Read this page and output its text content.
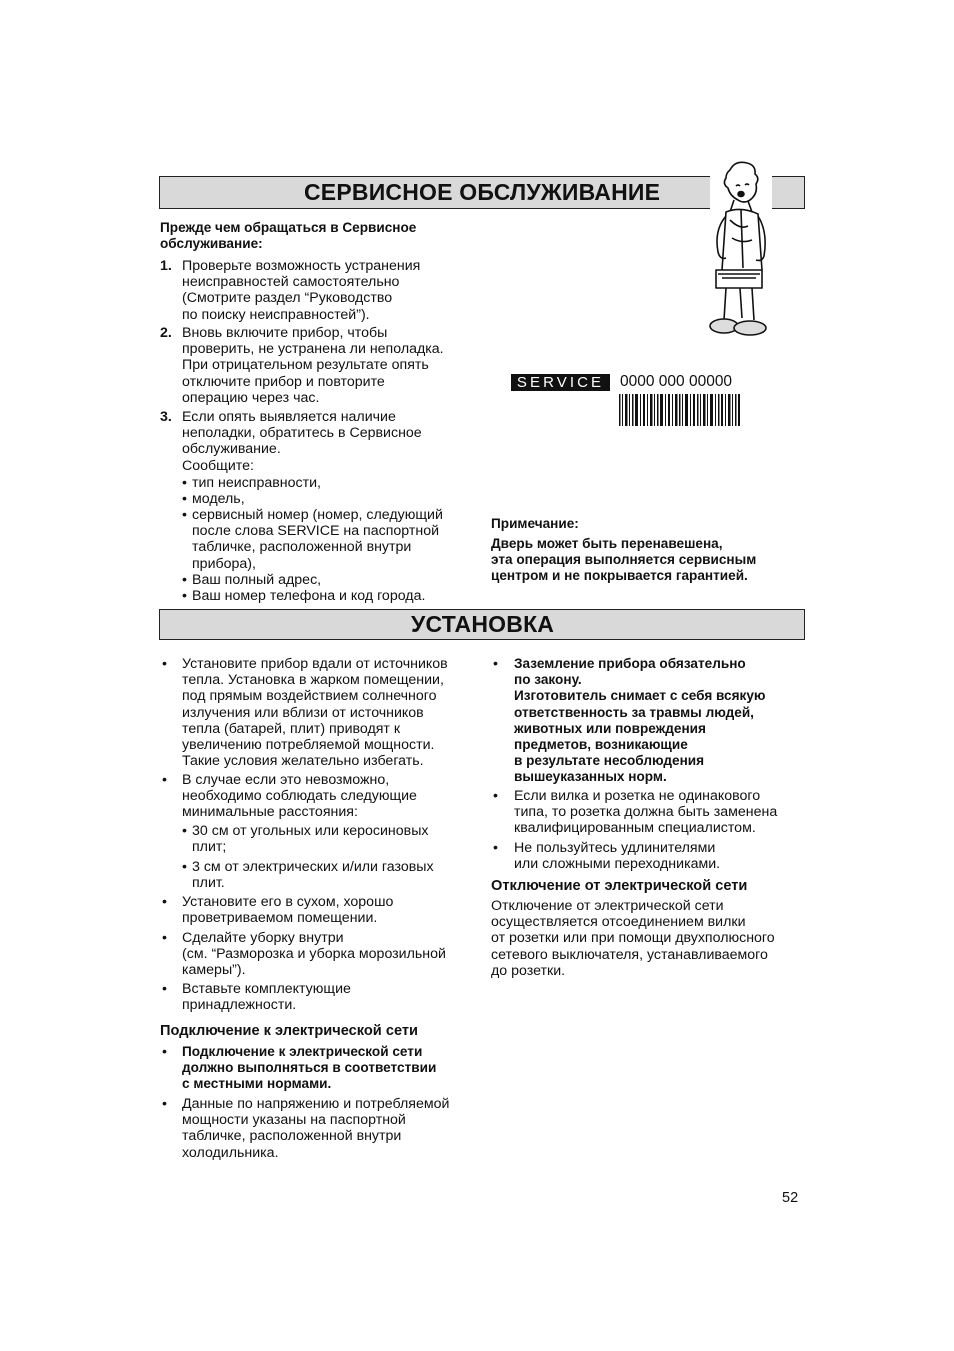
СЕРВИСНОЕ ОБСЛУЖИВАНИЕ
Прежде чем обращаться в Сервисное
обслуживание:
1. Проверьте возможность устранения
неисправностей самостоятельно
(Смотрите раздел “Руководство
по поиску неисправностей”).
2. Вновь включите прибор, чтобы
проверить, не устранена ли неполадка.
При отрицательном результате опять
отключите прибор и повторите
операцию через час.
3. Если опять выявляется наличие
неполадки, обратитесь в Сервисное
обслуживание.
Сообщите:
• тип неисправности,
• модель,
• сервисный номер (номер, следующий
после слова SERVICE на паспортной
табличке, расположенной внутри
прибора),
• Ваш полный адрес,
• Ваш номер телефона и код города.
SERVICE	0000 000 00000
Примечание:
Дверь может быть перенавешена,
эта операция выполняется сервисным
центром и не покрывается гарантией.
УСТАНОВКА
• Установите прибор вдали от источников
тепла. Установка в жарком помещении,
под прямым воздействием солнечного
излучения или вблизи от источников
тепла (батарей, плит) приводят к
увеличению потребляемой мощности.
Такие условия желательно избегать.
• В случае если это невозможно,
необходимо соблюдать следующие
минимальные расстояния:
• 30 см от угольных или керосиновых
плит;
• 3 см от электрических и/или газовых
плит.
• Установите его в сухом, хорошо
проветриваемом помещении.
• Сделайте уборку внутри
(см. “Разморозка и уборка морозильной
камеры”).
• Вставьте комплектующие
принадлежности.
Подключение к электрической сети
• Подключение к электрической сети
должно выполняться в соответствии
с местными нормами.
• Данные по напряжению и потребляемой
мощности указаны на паспортной
табличке, расположенной внутри
холодильника.
• Заземление прибора обязательно
по закону.
Изготовитель снимает с себя всякую
ответственность за травмы людей,
животных или повреждения
предметов, возникающие
в результате несоблюдения
вышеуказанных норм.
• Если вилка и розетка не одинакового
типа, то розетка должна быть заменена
квалифицированным специалистом.
• Не пользуйтесь удлинителями
или сложными переходниками.
Отключение от электрической сети
Отключение от электрической сети
осуществляется отсоединением вилки
от розетки или при помощи двухполюсного
сетевого выключателя, устанавливаемого
до розетки.
52
